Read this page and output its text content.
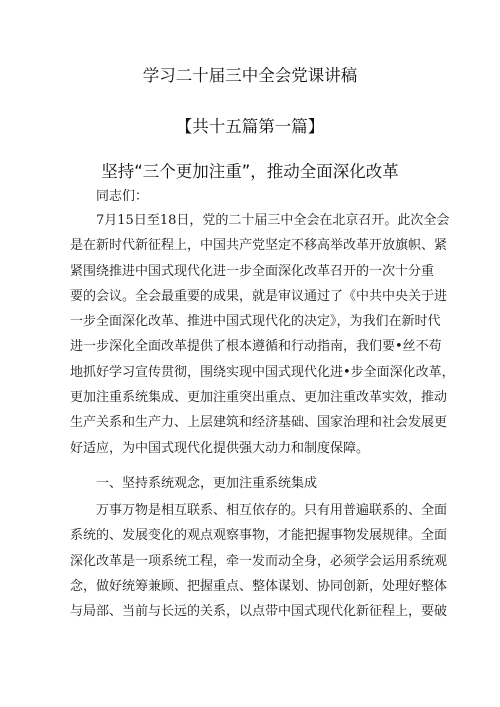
学习二十届三中全会党课讲稿
【共十五篇第一篇】
坚持“三个更加注重”，推动全面深化改革
同志们：
7月15日至18日，党的二十届三中全会在北京召开。此次全会
是在新时代新征程上，中国共产党坚定不移高举改革开放旗帜、紧
紧围绕推进中国式现代化进一步全面深化改革召开的一次十分重
要的会议。全会最重要的成果，就是审议通过了《中共中央关于进
一步全面深化改革、推进中国式现代化的决定》，为我们在新时代
进一步深化全面改革提供了根本遵循和行动指南，我们要•丝不苟
地抓好学习宣传贯彻，围绕实现中国式现代化进•步全面深化改革，
更加注重系统集成、更加注重突出重点、更加注重改革实效，推动
生产关系和生产力、上层建筑和经济基础、国家治理和社会发展更
好适应，为中国式现代化提供强大动力和制度保障。
一、坚持系统观念，更加注重系统集成
万事万物是相互联系、相互依存的。只有用普遍联系的、全面
系统的、发展变化的观点观察事物，才能把握事物发展规律。全面
深化改革是一项系统工程，牵一发而动全身，必须学会运用系统观
念，做好统筹兼顾、把握重点、整体谋划、协同创新，处理好整体
与局部、当前与长远的关系，以点带中国式现代化新征程上，要破
